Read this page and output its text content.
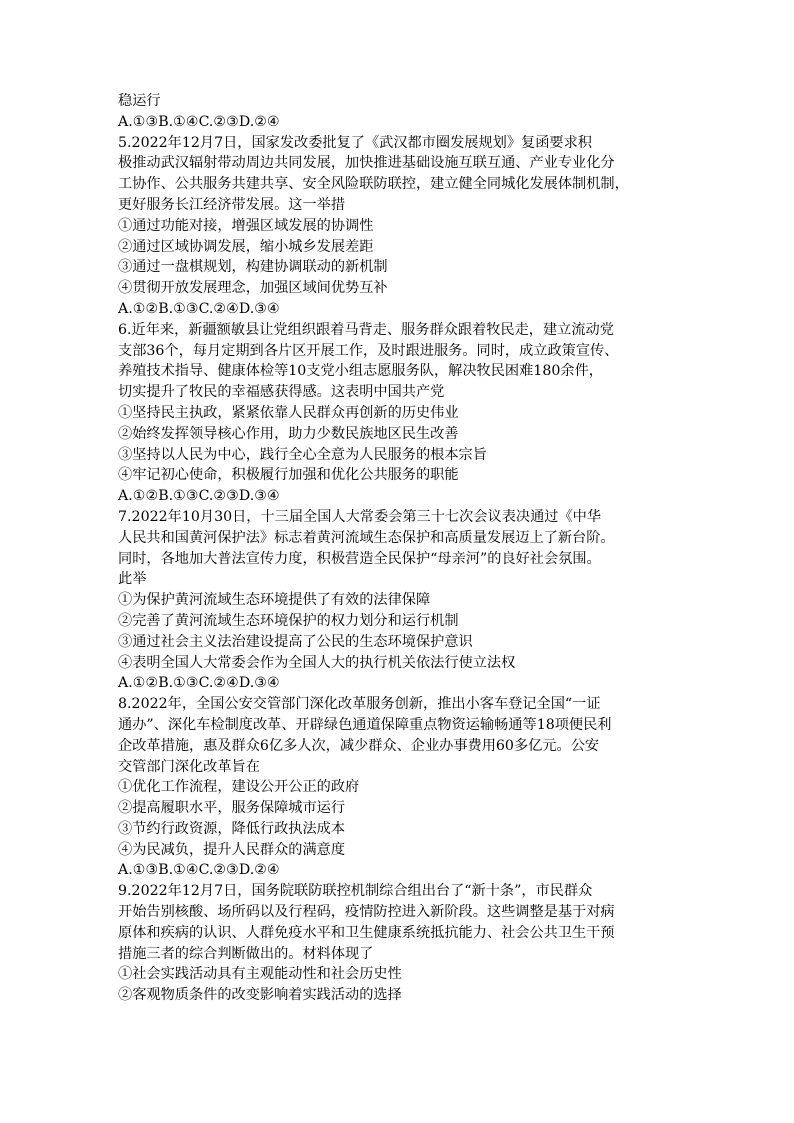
稳运行
A.①③B.①④C.②③D.②④
5.2022年12月7日，国家发改委批复了《武汉都市圈发展规划》复函要求积
极推动武汉辐射带动周边共同发展，加快推进基础设施互联互通、产业专业化分
工协作、公共服务共建共享、安全风险联防联控，建立健全同城化发展体制机制，
更好服务长江经济带发展。这一举措
①通过功能对接，增强区域发展的协调性
②通过区域协调发展，缩小城乡发展差距
③通过一盘棋规划，构建协调联动的新机制
④贯彻开放发展理念，加强区域间优势互补
A.①②B.①③C.②④D.③④
6.近年来，新疆额敏县让党组织跟着马背走、服务群众跟着牧民走，建立流动党
支部36个，每月定期到各片区开展工作，及时跟进服务。同时，成立政策宣传、
养殖技术指导、健康体检等10支党小组志愿服务队，解决牧民困难180余件，
切实提升了牧民的幸福感获得感。这表明中国共产党
①坚持民主执政，紧紧依靠人民群众再创新的历史伟业
②始终发挥领导核心作用，助力少数民族地区民生改善
③坚持以人民为中心，践行全心全意为人民服务的根本宗旨
④牢记初心使命，积极履行加强和优化公共服务的职能
A.①②B.①③C.②③D.③④
7.2022年10月30日，十三届全国人大常委会第三十七次会议表决通过《中华
人民共和国黄河保护法》标志着黄河流域生态保护和高质量发展迈上了新台阶。
同时，各地加大普法宣传力度，积极营造全民保护“母亲河”的良好社会氛围。
此举
①为保护黄河流域生态环境提供了有效的法律保障
②完善了黄河流域生态环境保护的权力划分和运行机制
③通过社会主义法治建设提高了公民的生态环境保护意识
④表明全国人大常委会作为全国人大的执行机关依法行使立法权
A.①②B.①③C.②④D.③④
8.2022年，全国公安交管部门深化改革服务创新，推出小客车登记全国“一证
通办”、深化车检制度改革、开辟绿色通道保障重点物资运输畅通等18项便民利
企改革措施，惠及群众6亿多人次，减少群众、企业办事费用60多亿元。公安
交管部门深化改革旨在
①优化工作流程，建设公开公正的政府
②提高履职水平，服务保障城市运行
③节约行政资源，降低行政执法成本
④为民减负，提升人民群众的满意度
A.①③B.①④C.②③D.②④
9.2022年12月7日，国务院联防联控机制综合组出台了“新十条”，市民群众
开始告别核酸、场所码以及行程码，疫情防控进入新阶段。这些调整是基于对病
原体和疾病的认识、人群免疫水平和卫生健康系统抵抗能力、社会公共卫生干预
措施三者的综合判断做出的。材料体现了
①社会实践活动具有主观能动性和社会历史性
②客观物质条件的改变影响着实践活动的选择
